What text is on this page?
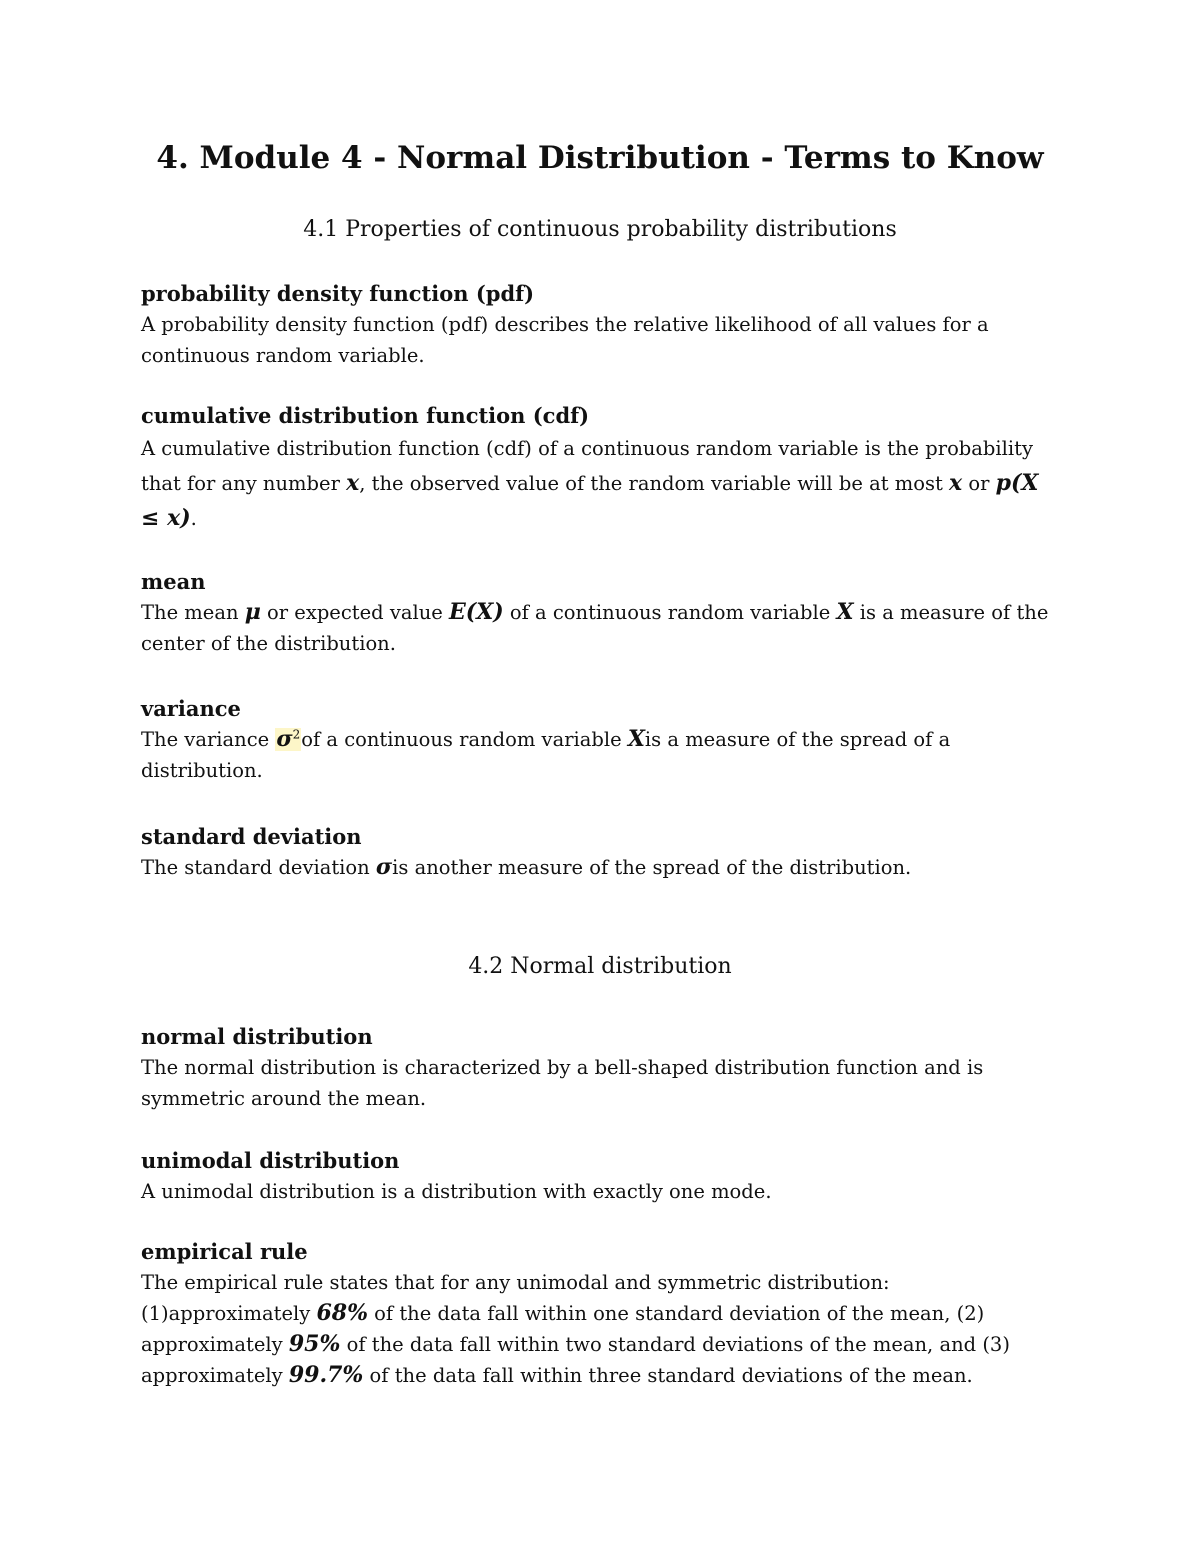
4. Module 4 - Normal Distribution - Terms to Know
4.1 Properties of continuous probability distributions

probability density function (pdf)

A probability density function (pdf) describes the relative likelihood of all values for a continuous random variable.

cumulative distribution function (cdf)

A cumulative distribution function (cdf) of a continuous random variable is the probability that for any number x, the observed value of the random variable will be at most x or p(X ≤ x).

mean

The mean μ or expected value E(X) of a continuous random variable X is a measure of the center of the distribution.

variance

The variance $\sigma^2of$ a continuous random variable Xis a measure of the spread of a distribution.

standard deviation

The standard deviation σis another measure of the spread of the distribution.

4.2 Normal distribution

normal distribution

The normal distribution is characterized by a bell-shaped distribution function and is symmetric around the mean.

unimodal distribution

A unimodal distribution is a distribution with exactly one mode.

empirical rule

The empirical rule states that for any unimodal and symmetric distribution: (1)approximately 68% of the data fall within one standard deviation of the mean, (2) approximately 95% of the data fall within two standard deviations of the mean, and (3) approximately 99.7% of the data fall within three standard deviations of the mean.
